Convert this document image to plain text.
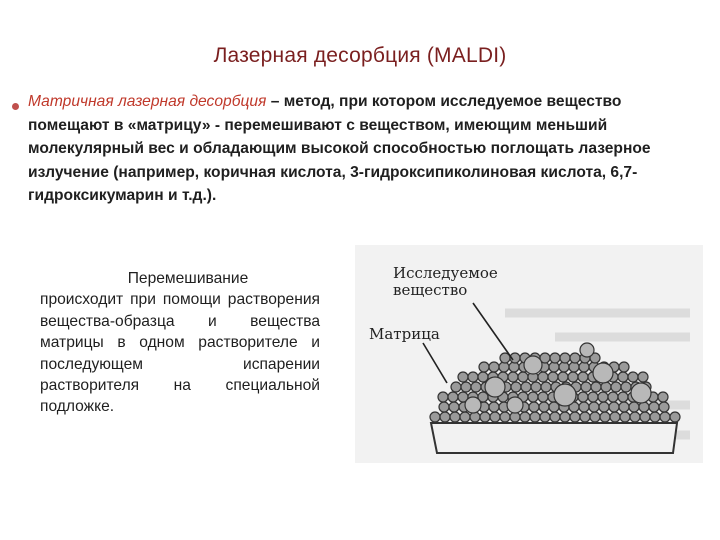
Лазерная десорбция (MALDI)
Матричная лазерная десорбция – метод, при котором исследуемое вещество помещают в «матрицу» - перемешивают с веществом, имеющим меньший молекулярный вес и обладающим высокой способностью поглощать лазерное излучение (например, коричная кислота, 3-гидроксипиколиновая кислота, 6,7-гидроксикумарин и т.д.).
Перемешивание
происходит при помощи растворения вещества-образца и вещества матрицы в одном растворителе и последующем испарении растворителя на специальной подложке.
Исследуемое вещество
Матрица
